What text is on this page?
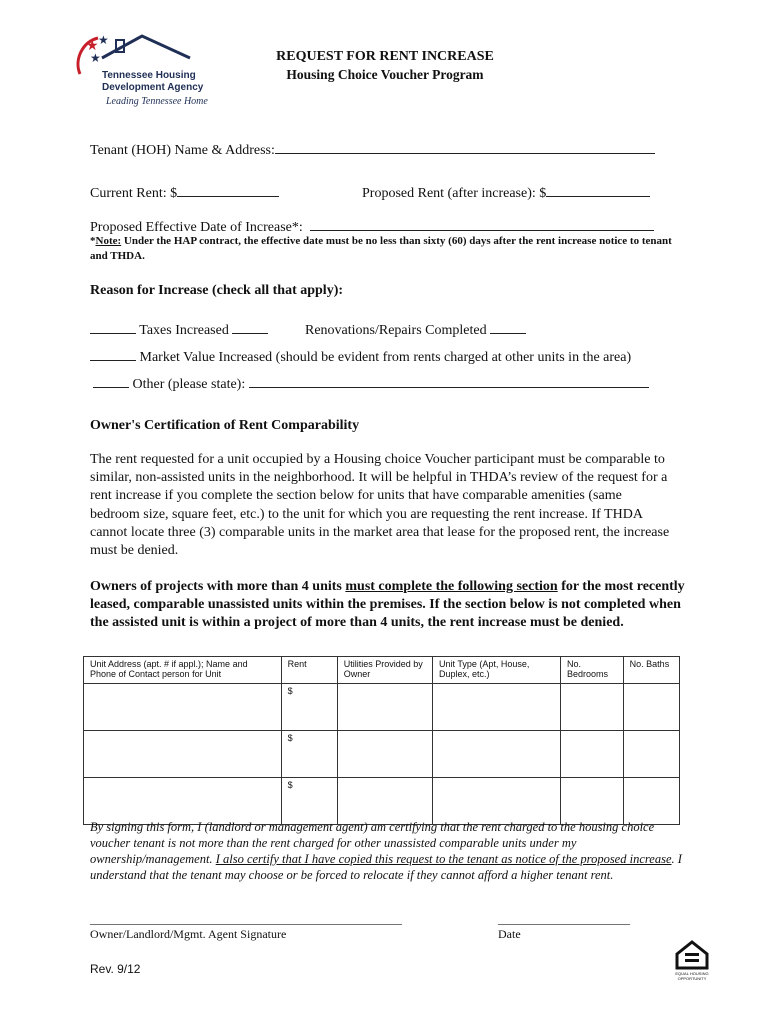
★ ★
★
Tennessee Housing
Development Agency
Leading Tennessee Home
REQUEST FOR RENT INCREASE
Housing Choice Voucher Program
Tenant (HOH) Name & Address:
Current Rent: $	Proposed Rent (after increase): $
Proposed Effective Date of Increase*:
*Note: Under the HAP contract, the effective date must be no less than sixty (60) days after the rent increase notice to tenant and THDA.
Reason for Increase (check all that apply):
Taxes Increased	Renovations/Repairs Completed
Market Value Increased (should be evident from rents charged at other units in the area)
Other (please state):
Owner's Certification of Rent Comparability
The rent requested for a unit occupied by a Housing choice Voucher participant must be comparable to similar, non-assisted units in the neighborhood. It will be helpful in THDA’s review of the request for a rent increase if you complete the section below for units that have comparable amenities (same bedroom size, square feet, etc.) to the unit for which you are requesting the rent increase. If THDA cannot locate three (3) comparable units in the market area that lease for the proposed rent, the increase must be denied.
Owners of projects with more than 4 units must complete the following section for the most recently leased, comparable unassisted units within the premises. If the section below is not completed when the assisted unit is within a project of more than 4 units, the rent increase must be denied.
Unit Address (apt. # if appl.); Name and Phone of Contact person for Unit	Rent	Utilities Provided by Owner	Unit Type (Apt, House, Duplex, etc.)	No. Bedrooms	No. Baths
	$				
	$				
	$				
By signing this form, I (landlord or management agent) am certifying that the rent charged to the housing choice voucher tenant is not more than the rent charged for other unassisted comparable units under my ownership/management. I also certify that I have copied this request to the tenant as notice of the proposed increase. I understand that the tenant may choose or be forced to relocate if they cannot afford a higher tenant rent.
____________________________________________________	______________________
Owner/Landlord/Mgmt. Agent Signature	Date
Rev. 9/12	EQUAL HOUSING OPPORTUNITY
